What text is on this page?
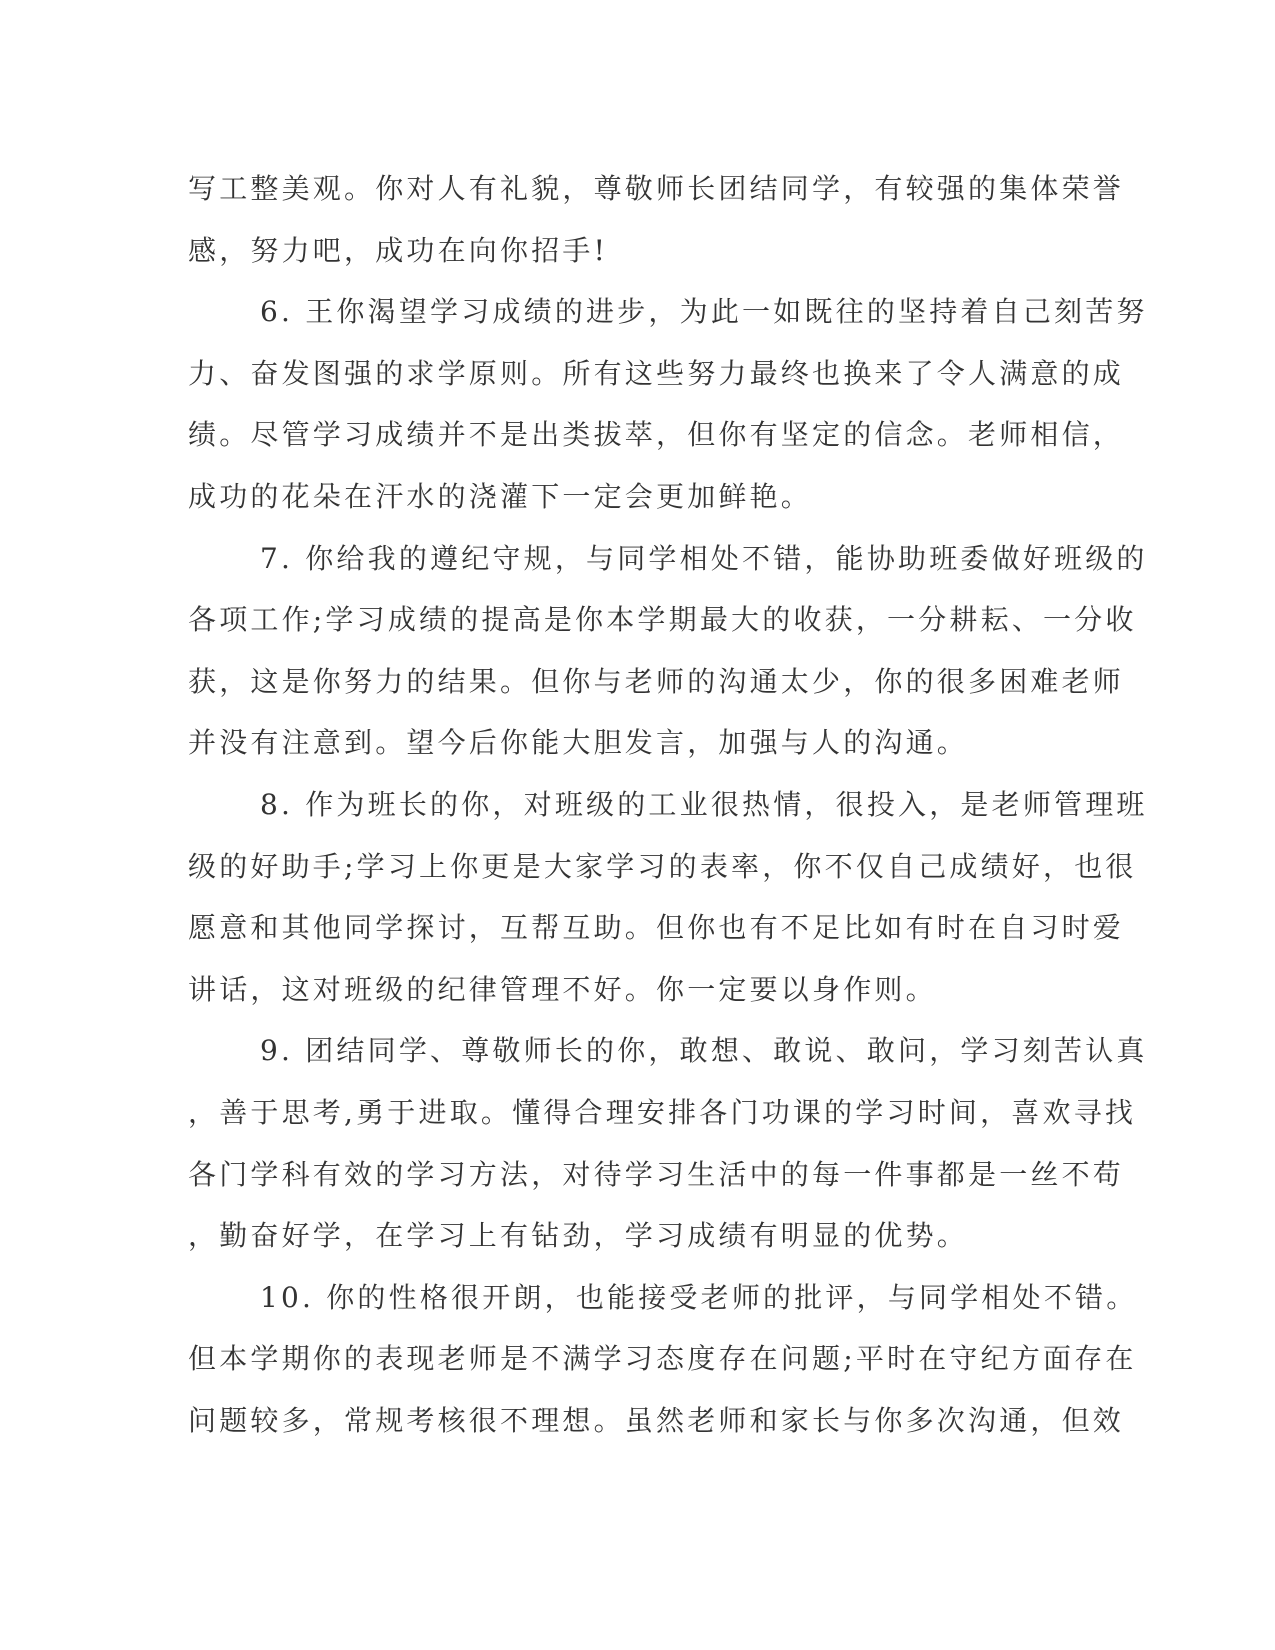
写工整美观。你对人有礼貌，尊敬师长团结同学，有较强的集体荣誉
感，努力吧，成功在向你招手!
6. 王你渴望学习成绩的进步，为此一如既往的坚持着自己刻苦努
力、奋发图强的求学原则。所有这些努力最终也换来了令人满意的成
绩。尽管学习成绩并不是出类拔萃，但你有坚定的信念。老师相信，
成功的花朵在汗水的浇灌下一定会更加鲜艳。
7. 你给我的遵纪守规，与同学相处不错，能协助班委做好班级的
各项工作;学习成绩的提高是你本学期最大的收获，一分耕耘、一分收
获，这是你努力的结果。但你与老师的沟通太少，你的很多困难老师
并没有注意到。望今后你能大胆发言，加强与人的沟通。
8. 作为班长的你，对班级的工业很热情，很投入，是老师管理班
级的好助手;学习上你更是大家学习的表率，你不仅自己成绩好，也很
愿意和其他同学探讨，互帮互助。但你也有不足比如有时在自习时爱
讲话，这对班级的纪律管理不好。你一定要以身作则。
9. 团结同学、尊敬师长的你，敢想、敢说、敢问，学习刻苦认真
，善于思考,勇于进取。懂得合理安排各门功课的学习时间，喜欢寻找
各门学科有效的学习方法，对待学习生活中的每一件事都是一丝不苟
，勤奋好学，在学习上有钻劲，学习成绩有明显的优势。
10. 你的性格很开朗，也能接受老师的批评，与同学相处不错。
但本学期你的表现老师是不满学习态度存在问题;平时在守纪方面存在
问题较多，常规考核很不理想。虽然老师和家长与你多次沟通，但效
